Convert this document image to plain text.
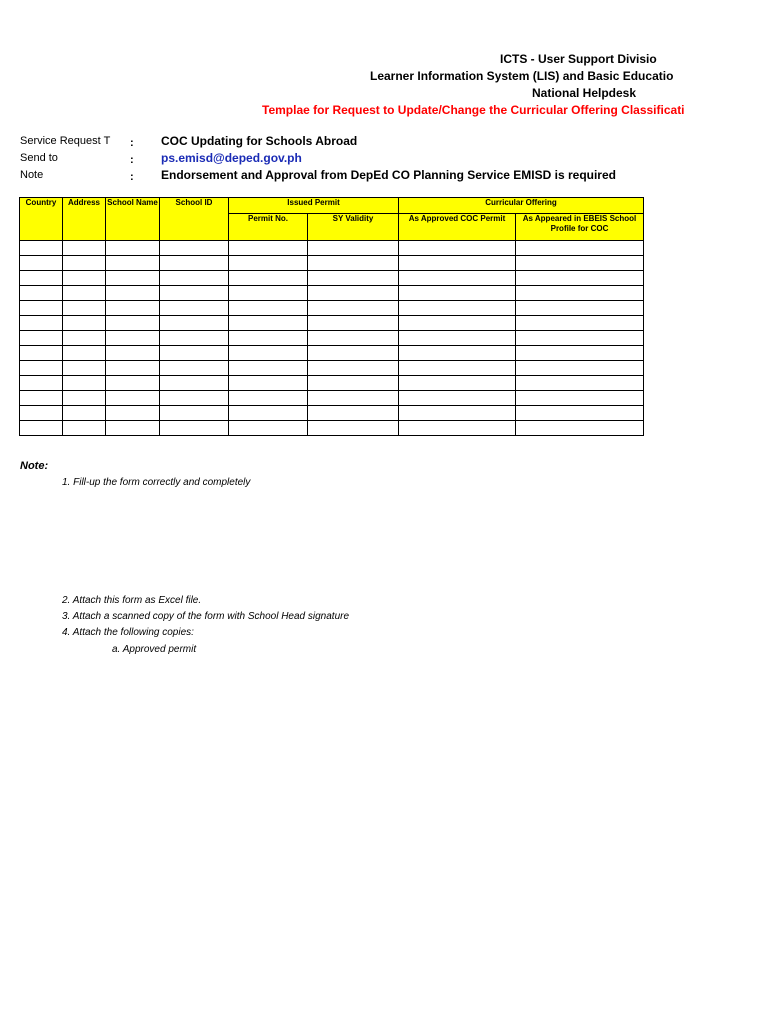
ICTS - User Support Divisio
Learner Information System (LIS) and Basic Educatio
National Helpdesk
Templae for Request to Update/Change the Curricular Offering Classificati
Service Request T : COC Updating for Schools Abroad
Send to	: ps.emisd@deped.gov.ph
Note	: Endorsement and Approval from DepEd CO Planning Service EMISD is required
Country	Address	School Name	School ID	Issued Permit		Curricular Offering	
				Permit No.	SY Validity	As Approved COC Permit	As Appeared in EBEIS School Profile for COC

Note:
1. Fill-up the form correctly and completely
2. Attach this form as Excel file.
3. Attach a scanned copy of the form with School Head signature
4. Attach the following copies:
a. Approved permit
